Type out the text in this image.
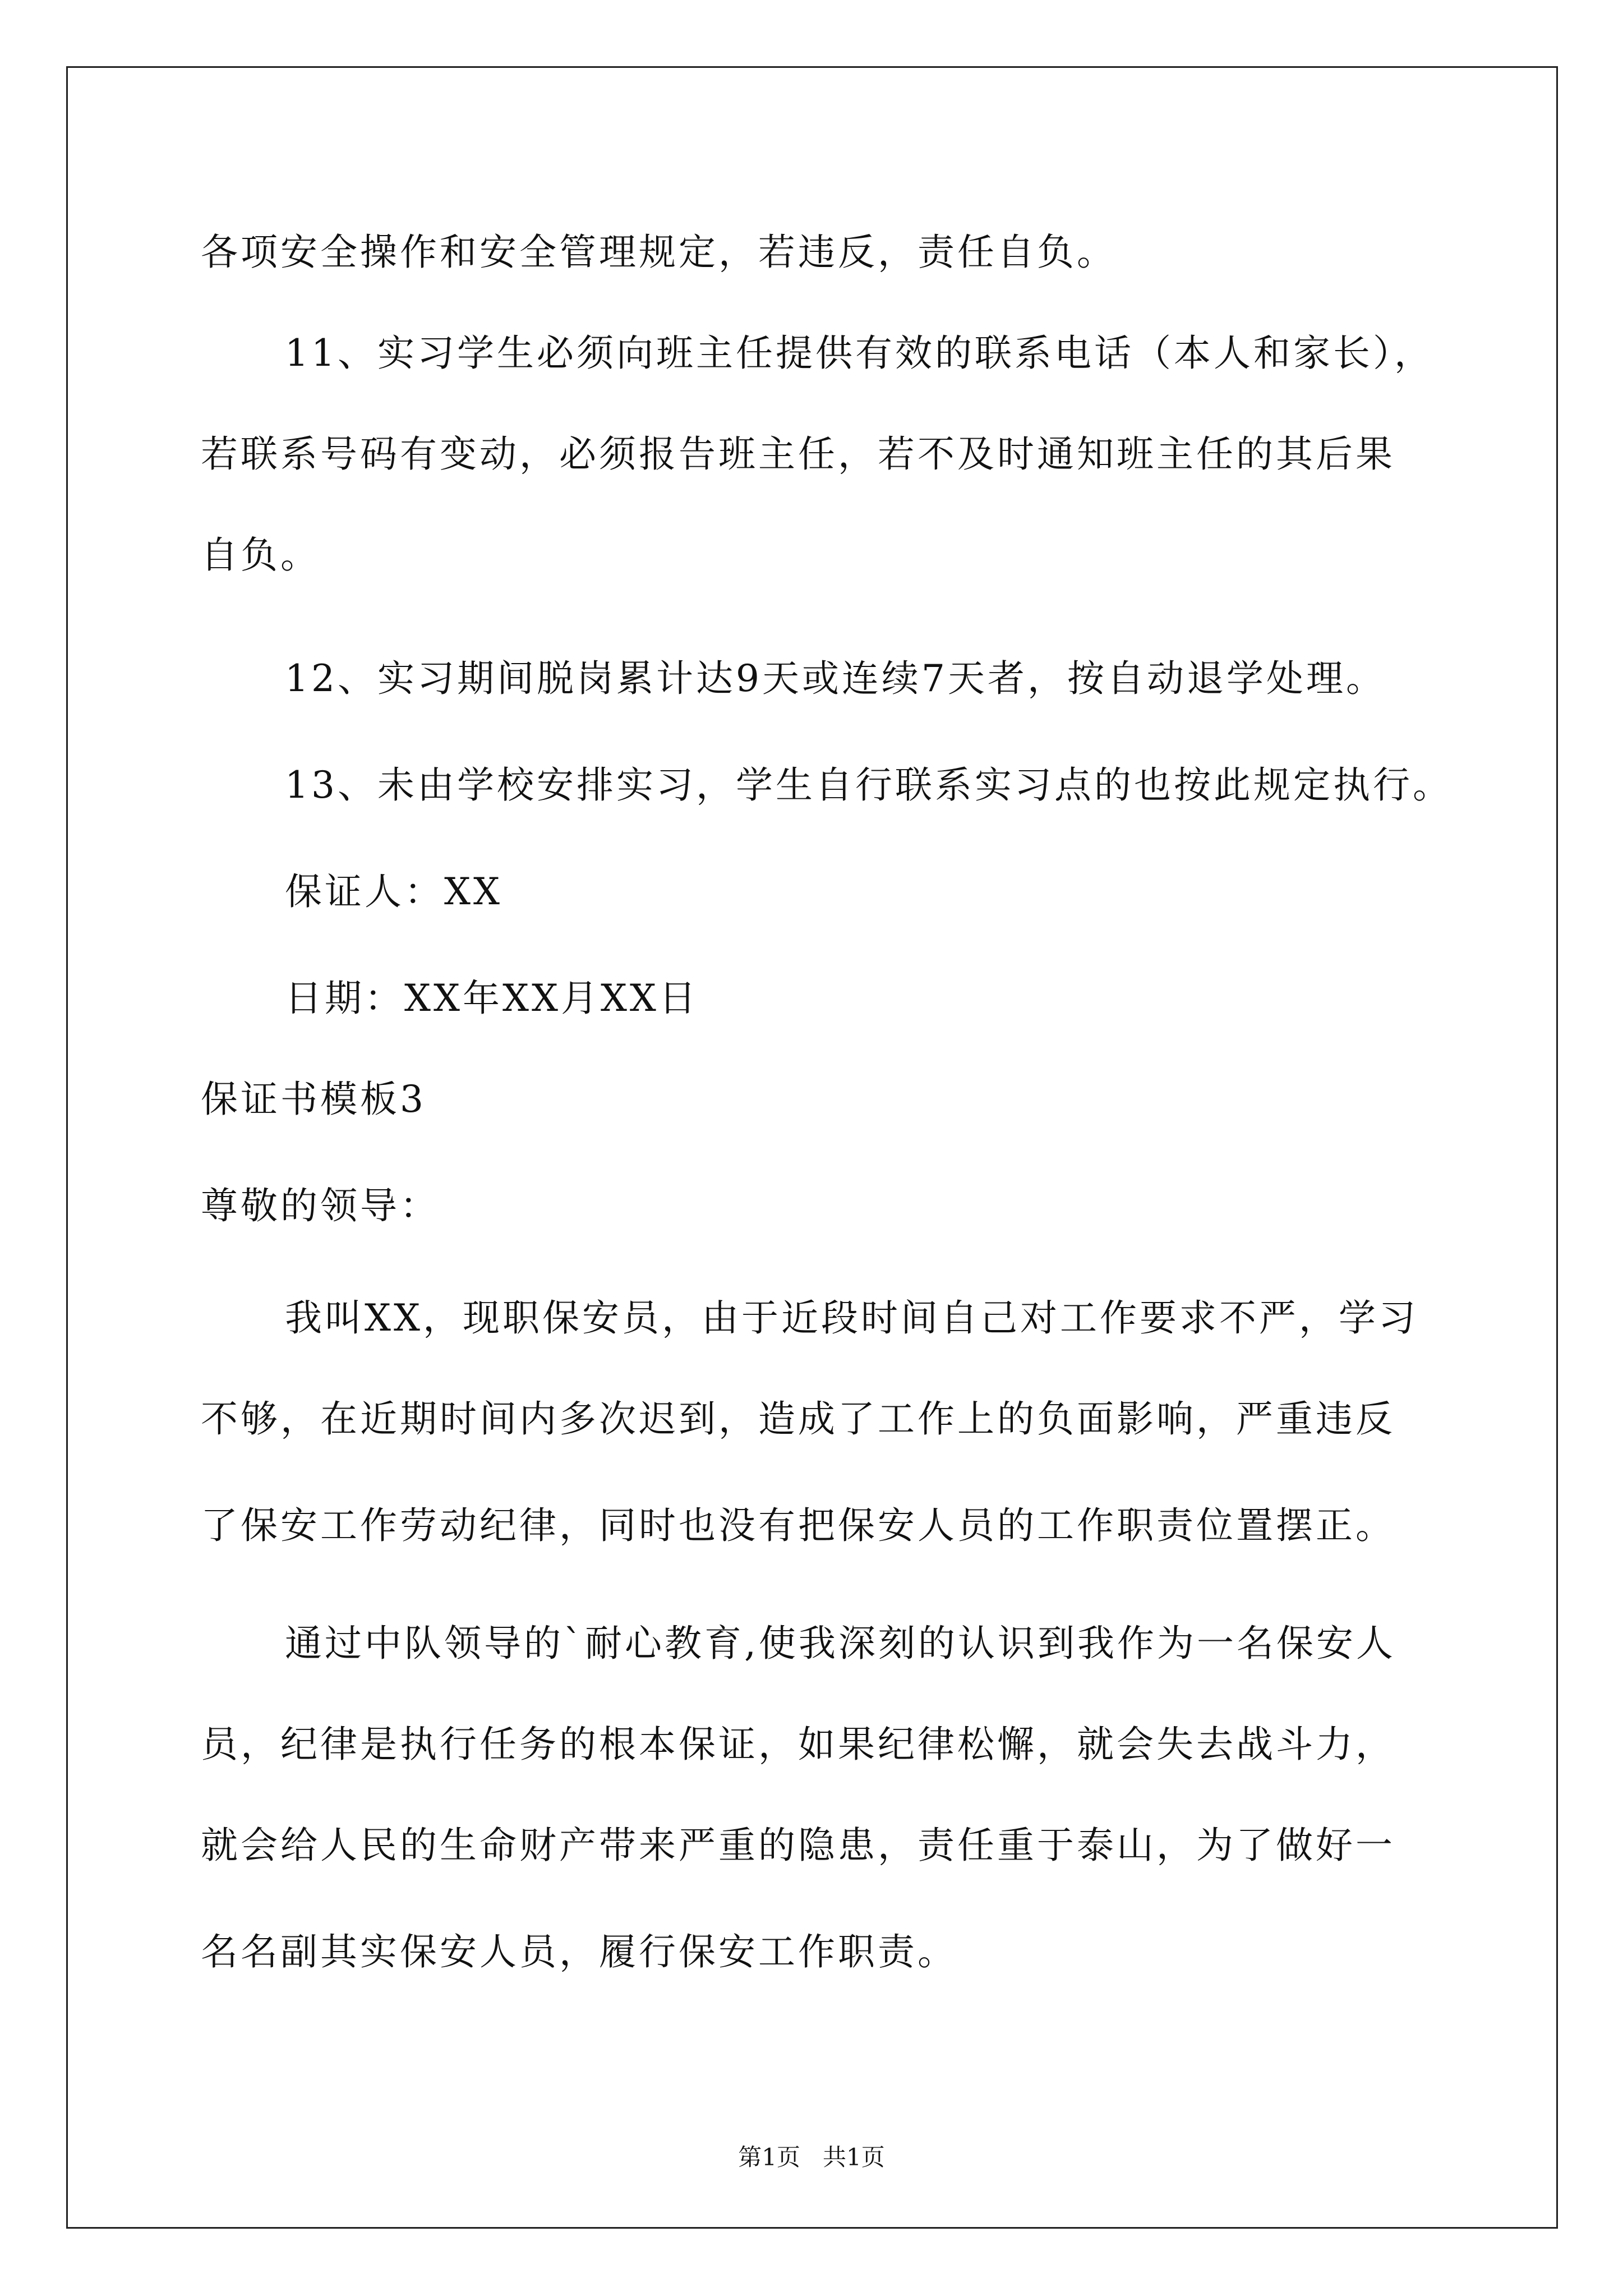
各项安全操作和安全管理规定，若违反，责任自负。
11、实习学生必须向班主任提供有效的联系电话（本人和家长），
若联系号码有变动，必须报告班主任，若不及时通知班主任的其后果
自负。
12、实习期间脱岗累计达9天或连续7天者，按自动退学处理。
13、未由学校安排实习，学生自行联系实习点的也按此规定执行。
保证人：XX
日期：XX年XX月XX日
保证书模板3
尊敬的领导：
我叫XX，现职保安员，由于近段时间自己对工作要求不严，学习
不够，在近期时间内多次迟到，造成了工作上的负面影响，严重违反
了保安工作劳动纪律，同时也没有把保安人员的工作职责位置摆正。
通过中队领导的`耐心教育,使我深刻的认识到我作为一名保安人
员，纪律是执行任务的根本保证，如果纪律松懈，就会失去战斗力，
就会给人民的生命财产带来严重的隐患，责任重于泰山，为了做好一
名名副其实保安人员，履行保安工作职责。
第1页   共1页
